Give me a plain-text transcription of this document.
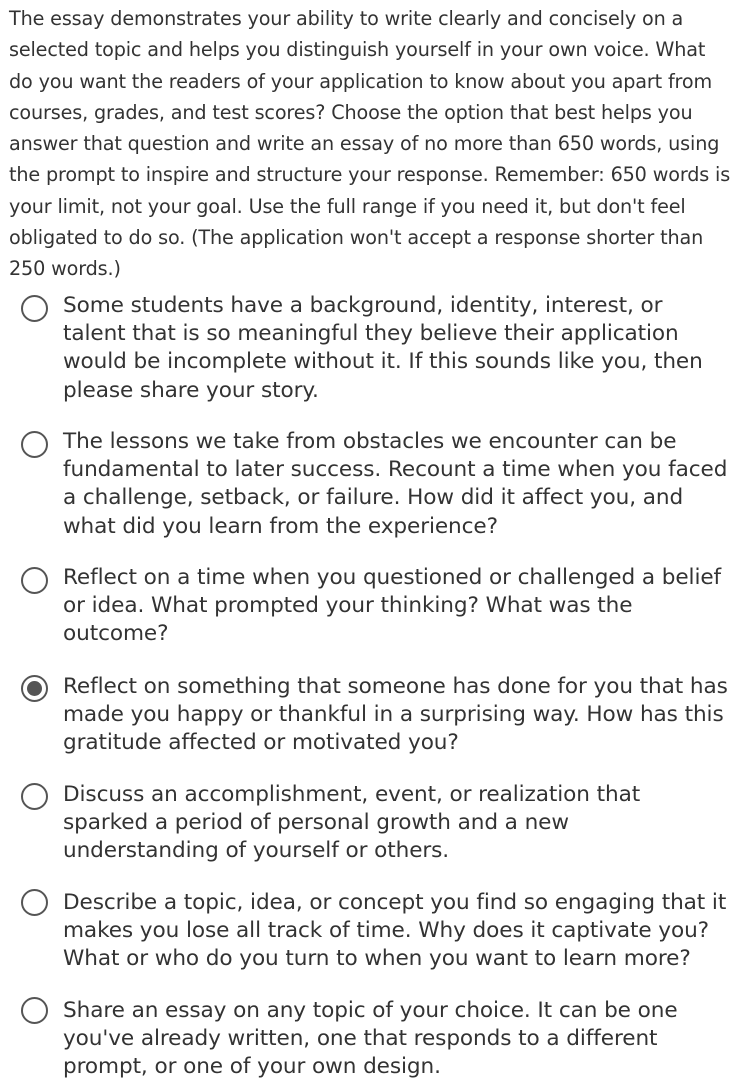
The essay demonstrates your ability to write clearly and concisely on a selected topic and helps you distinguish yourself in your own voice. What do you want the readers of your application to know about you apart from courses, grades, and test scores? Choose the option that best helps you answer that question and write an essay of no more than 650 words, using the prompt to inspire and structure your response. Remember: 650 words is your limit, not your goal. Use the full range if you need it, but don't feel obligated to do so. (The application won't accept a response shorter than 250 words.)
Some students have a background, identity, interest, or talent that is so meaningful they believe their application would be incomplete without it. If this sounds like you, then please share your story.
The lessons we take from obstacles we encounter can be fundamental to later success. Recount a time when you faced a challenge, setback, or failure. How did it affect you, and what did you learn from the experience?
Reflect on a time when you questioned or challenged a belief or idea. What prompted your thinking? What was the outcome?
Reflect on something that someone has done for you that has made you happy or thankful in a surprising way. How has this gratitude affected or motivated you?
Discuss an accomplishment, event, or realization that sparked a period of personal growth and a new understanding of yourself or others.
Describe a topic, idea, or concept you find so engaging that it makes you lose all track of time. Why does it captivate you? What or who do you turn to when you want to learn more?
Share an essay on any topic of your choice. It can be one you've already written, one that responds to a different prompt, or one of your own design.
